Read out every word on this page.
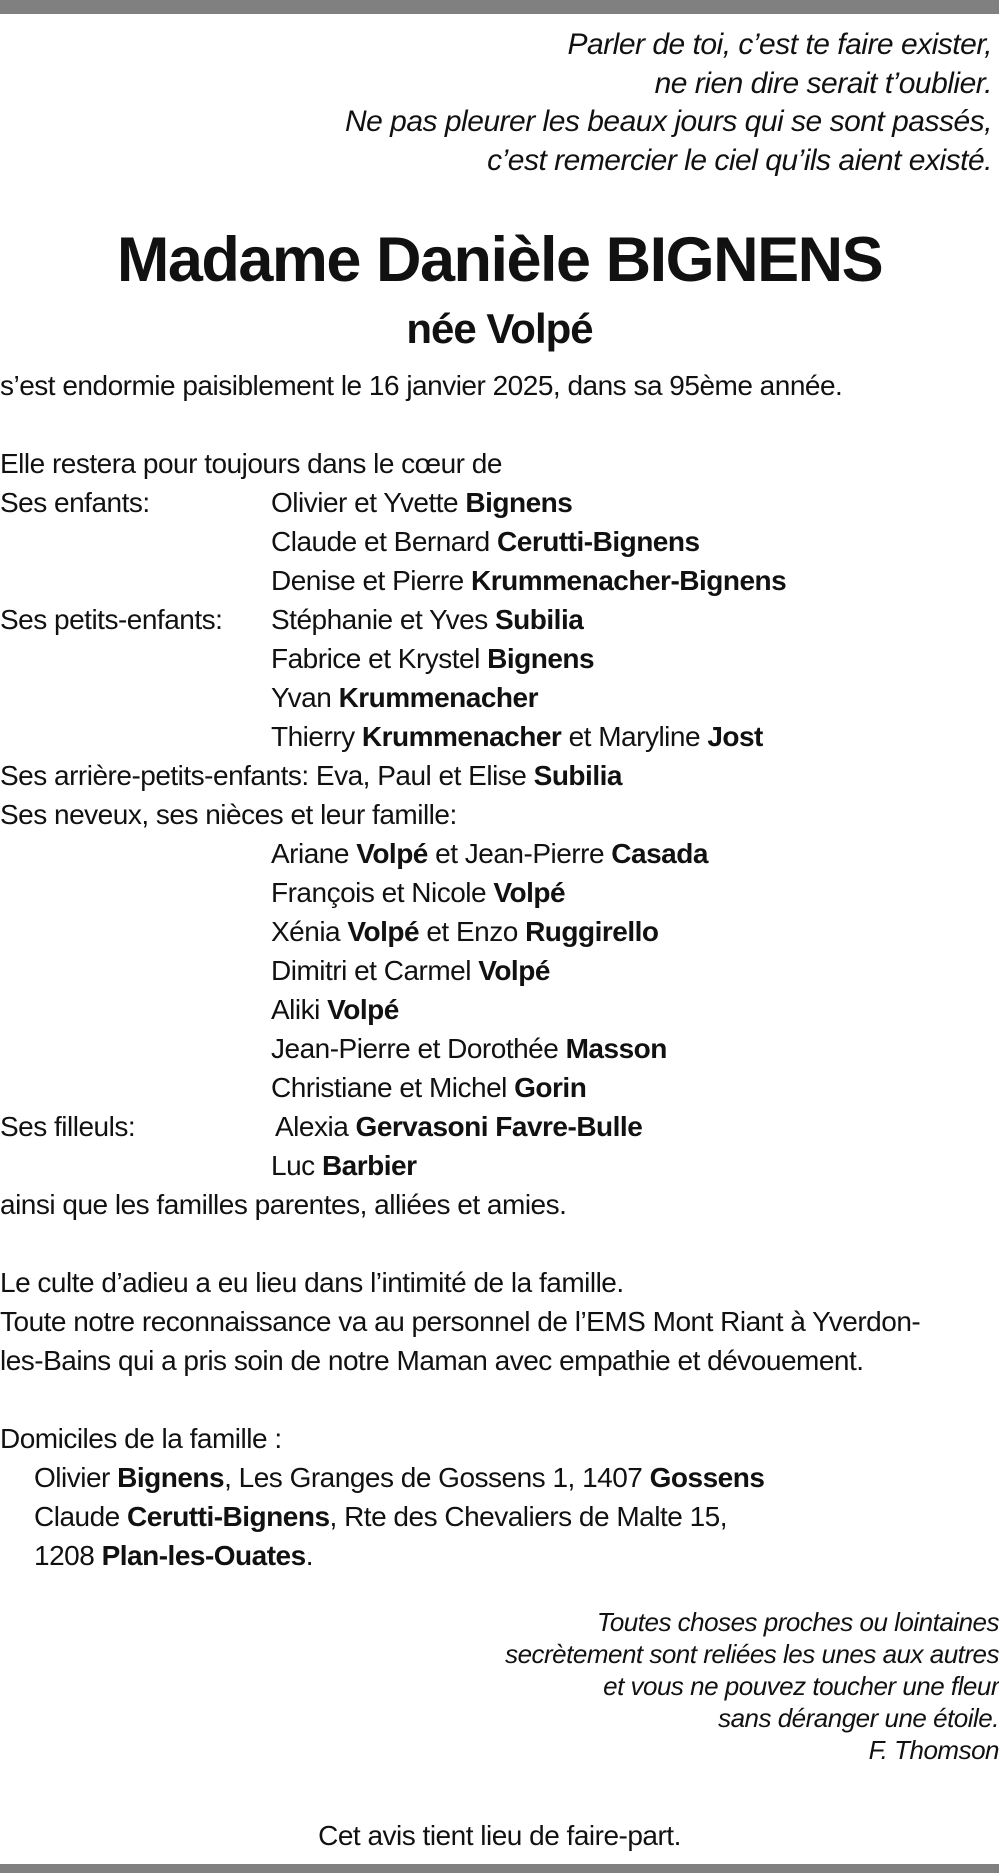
Parler de toi, c’est te faire exister,
ne rien dire serait t’oublier.
Ne pas pleurer les beaux jours qui se sont passés,
c’est remercier le ciel qu’ils aient existé.
Madame Danièle BIGNENS
née Volpé
s’est endormie paisiblement le 16 janvier 2025, dans sa 95ème année.
Elle restera pour toujours dans le cœur de
Ses enfants:	Olivier et Yvette Bignens
Claude et Bernard Cerutti-Bignens
Denise et Pierre Krummenacher-Bignens
Ses petits-enfants: Stéphanie et Yves Subilia
Fabrice et Krystel Bignens
Yvan Krummenacher
Thierry Krummenacher et Maryline Jost
Ses arrière-petits-enfants: Eva, Paul et Elise Subilia
Ses neveux, ses nièces et leur famille:
Ariane Volpé et Jean-Pierre Casada
François et Nicole Volpé
Xénia Volpé et Enzo Ruggirello
Dimitri et Carmel Volpé
Aliki Volpé
Jean-Pierre et Dorothée Masson
Christiane et Michel Gorin
Ses filleuls:	Alexia Gervasoni Favre-Bulle
Luc Barbier
ainsi que les familles parentes, alliées et amies.
Le culte d’adieu a eu lieu dans l’intimité de la famille.
Toute notre reconnaissance va au personnel de l’EMS Mont Riant à Yverdon-
les-Bains qui a pris soin de notre Maman avec empathie et dévouement.
Domiciles de la famille :
Olivier Bignens, Les Granges de Gossens 1, 1407 Gossens
Claude Cerutti-Bignens, Rte des Chevaliers de Malte 15,
1208 Plan-les-Ouates.
Toutes choses proches ou lointaines
secrètement sont reliées les unes aux autres
et vous ne pouvez toucher une fleur
sans déranger une étoile.
F. Thomson
Cet avis tient lieu de faire-part.
